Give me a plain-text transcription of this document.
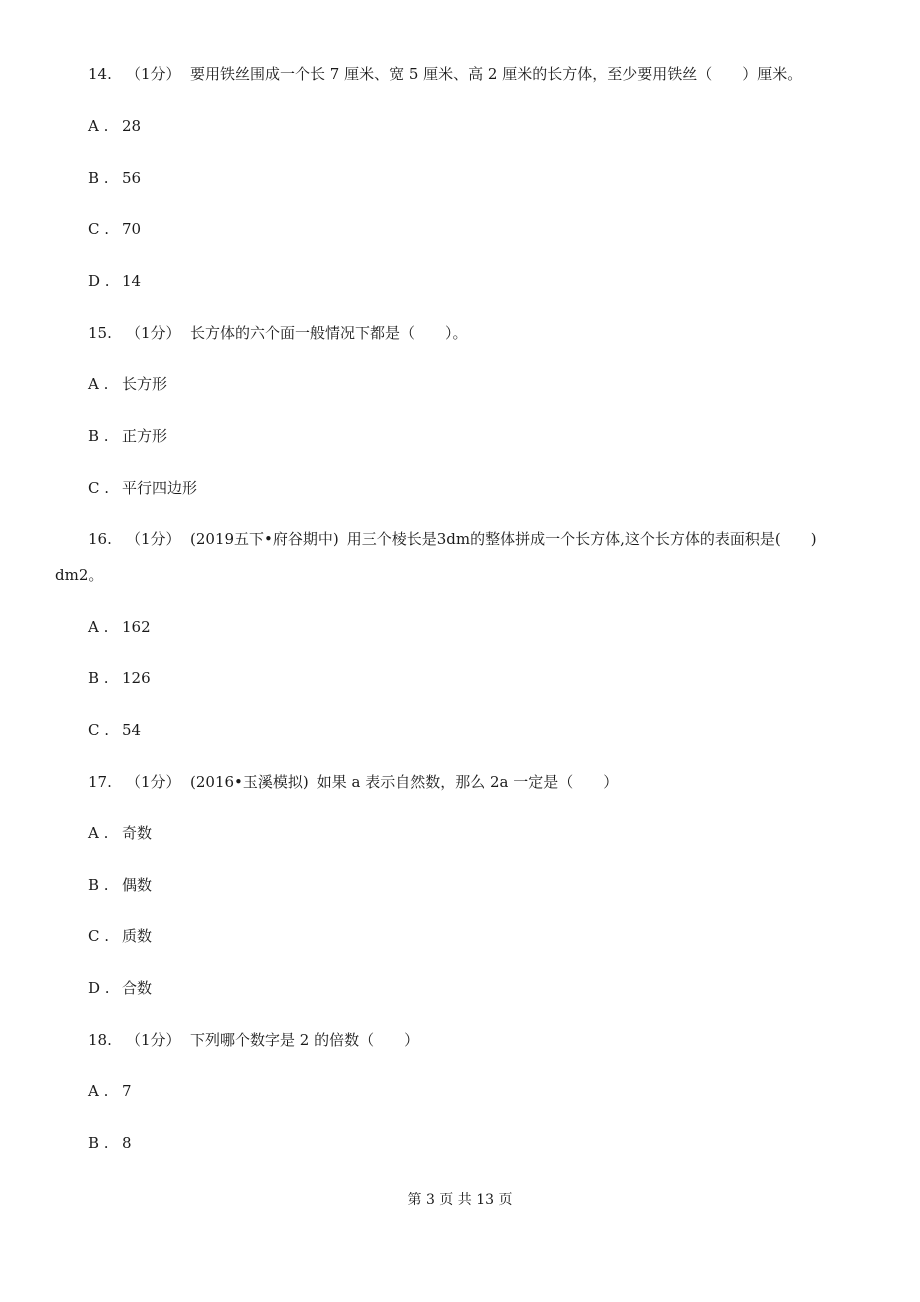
14. （1分） 要用铁丝围成一个长 7 厘米、宽 5 厘米、高 2 厘米的长方体，至少要用铁丝（　　）厘米。
A . 28
B . 56
C . 70
D . 14
15. （1分） 长方体的六个面一般情况下都是（　　）。
A . 长方形
B . 正方形
C . 平行四边形
16. （1分） (2019五下•府谷期中) 用三个棱长是3dm的整体拼成一个长方体,这个长方体的表面积是(　　)
dm2。
A . 162
B . 126
C . 54
17. （1分） (2016•玉溪模拟) 如果 a 表示自然数，那么 2a 一定是（　　）
A . 奇数
B . 偶数
C . 质数
D . 合数
18. （1分） 下列哪个数字是 2 的倍数（　　）
A . 7
B . 8
第 3 页 共 13 页
